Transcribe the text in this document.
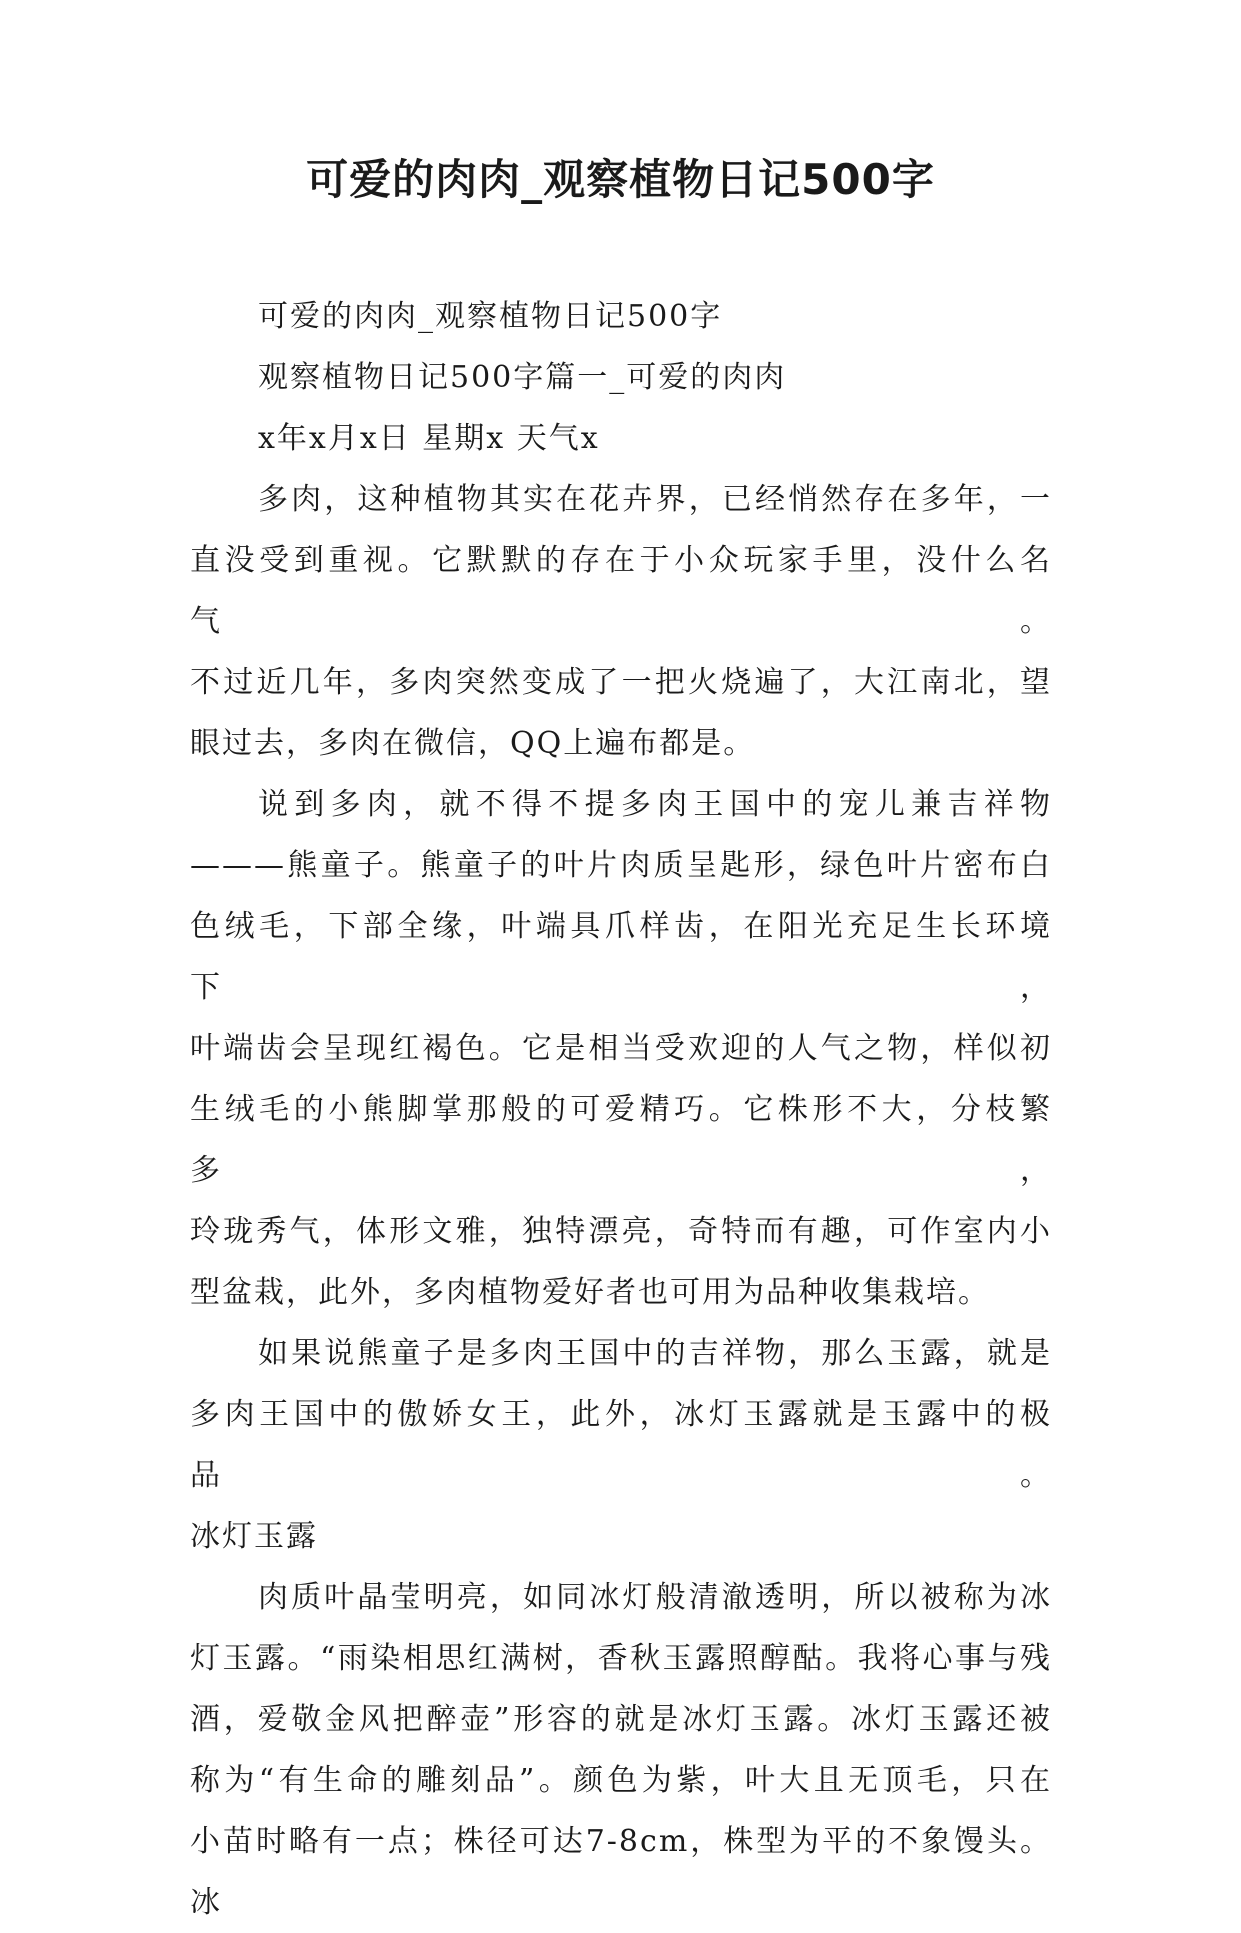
可爱的肉肉_观察植物日记500字

可爱的肉肉_观察植物日记500字

观察植物日记500字篇一_可爱的肉肉

x年x月x日 星期x 天气x

多肉，这种植物其实在花卉界，已经悄然存在多年，一

直没受到重视。它默默的存在于小众玩家手里，没什么名气。

不过近几年，多肉突然变成了一把火烧遍了，大江南北，望

眼过去，多肉在微信，QQ上遍布都是。

说到多肉，就不得不提多肉王国中的宠儿兼吉祥物

———熊童子。熊童子的叶片肉质呈匙形，绿色叶片密布白

色绒毛，下部全缘，叶端具爪样齿，在阳光充足生长环境下，

叶端齿会呈现红褐色。它是相当受欢迎的人气之物，样似初

生绒毛的小熊脚掌那般的可爱精巧。它株形不大，分枝繁多，

玲珑秀气，体形文雅，独特漂亮，奇特而有趣，可作室内小

型盆栽，此外，多肉植物爱好者也可用为品种收集栽培。

如果说熊童子是多肉王国中的吉祥物，那么玉露，就是

多肉王国中的傲娇女王，此外，冰灯玉露就是玉露中的极品。

冰灯玉露

肉质叶晶莹明亮，如同冰灯般清澈透明，所以被称为冰

灯玉露。“雨染相思红满树，香秋玉露照醇酤。我将心事与残

酒，爱敬金风把醉壶”形容的就是冰灯玉露。冰灯玉露还被

称为“有生命的雕刻品”。颜色为紫，叶大且无顶毛，只在

小苗时略有一点；株径可达7-8cm，株型为平的不象馒头。冰
